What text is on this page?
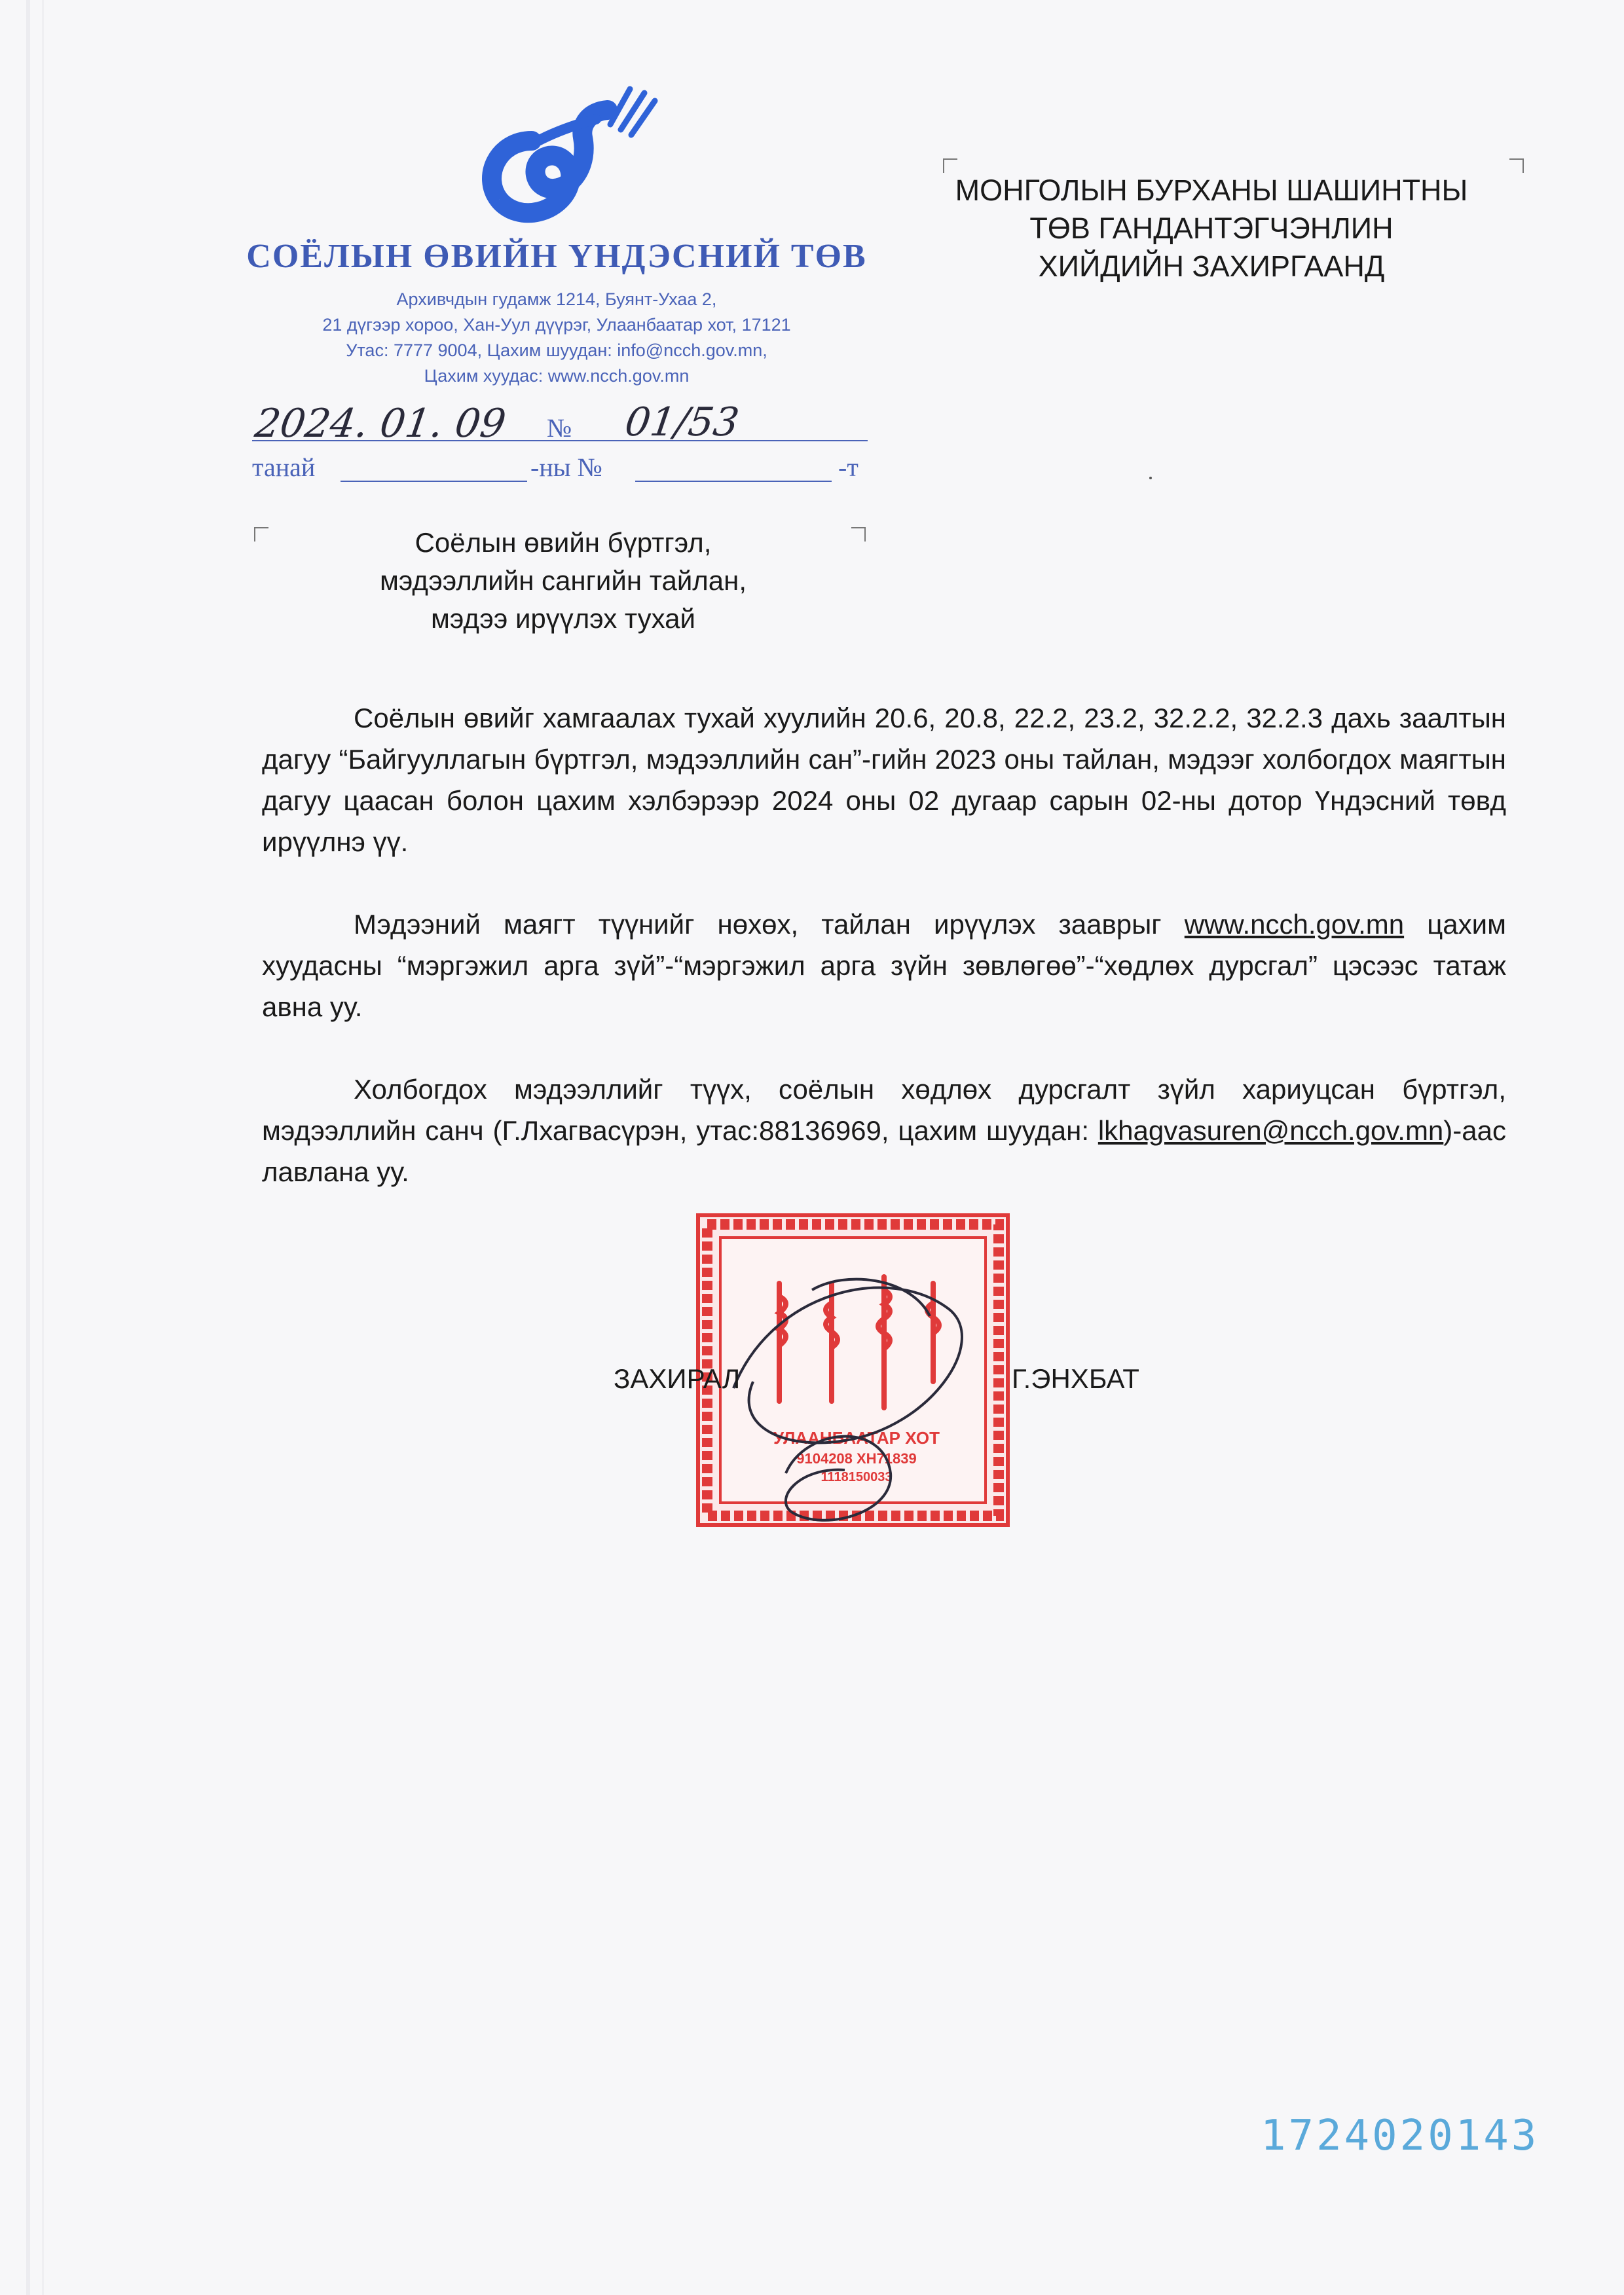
СОЁЛЫН ӨВИЙН ҮНДЭСНИЙ ТӨВ
Архивчдын гудамж 1214, Буянт-Ухаа 2,
21 дүгээр хороо, Хан-Уул дүүрэг, Улаанбаатар хот, 17121
Утас: 7777 9004, Цахим шуудан: info@ncch.gov.mn,
Цахим хуудас: www.ncch.gov.mn
2024. 01. 09 № 01/53
танай	-ны №	-т
МОНГОЛЫН БУРХАНЫ ШАШИНТНЫ
ТӨВ ГАНДАНТЭГЧЭНЛИН
ХИЙДИЙН ЗАХИРГААНД
Соёлын өвийн бүртгэл,
мэдээллийн сангийн тайлан,
мэдээ ирүүлэх тухай

Соёлын өвийг хамгаалах тухай хуулийн 20.6, 20.8, 22.2, 23.2, 32.2.2, 32.2.3 дахь заалтын дагуу “Байгууллагын бүртгэл, мэдээллийн сан”-гийн 2023 оны тайлан, мэдээг холбогдох маягтын дагуу цаасан болон цахим хэлбэрээр 2024 оны 02 дугаар сарын 02-ны дотор Үндэсний төвд ирүүлнэ үү.

Мэдээний маягт түүнийг нөхөх, тайлан ирүүлэх зааврыг www.ncch.gov.mn цахим хуудасны “мэргэжил арга зүй”-“мэргэжил арга зүйн зөвлөгөө”-“хөдлөх дурсгал” цэсээс татаж авна уу.

Холбогдох мэдээллийг түүх, соёлын хөдлөх дурсгалт зүйл хариуцсан бүртгэл, мэдээллийн санч (Г.Лхагвасүрэн, утас:88136969, цахим шуудан: lkhagvasuren@ncch.gov.mn)-аас лавлана уу.

УЛААНБААТАР ХОТ
9104208 ХН71839
1118150033
ЗАХИРАЛ	Г.ЭНХБАТ
1724020143
